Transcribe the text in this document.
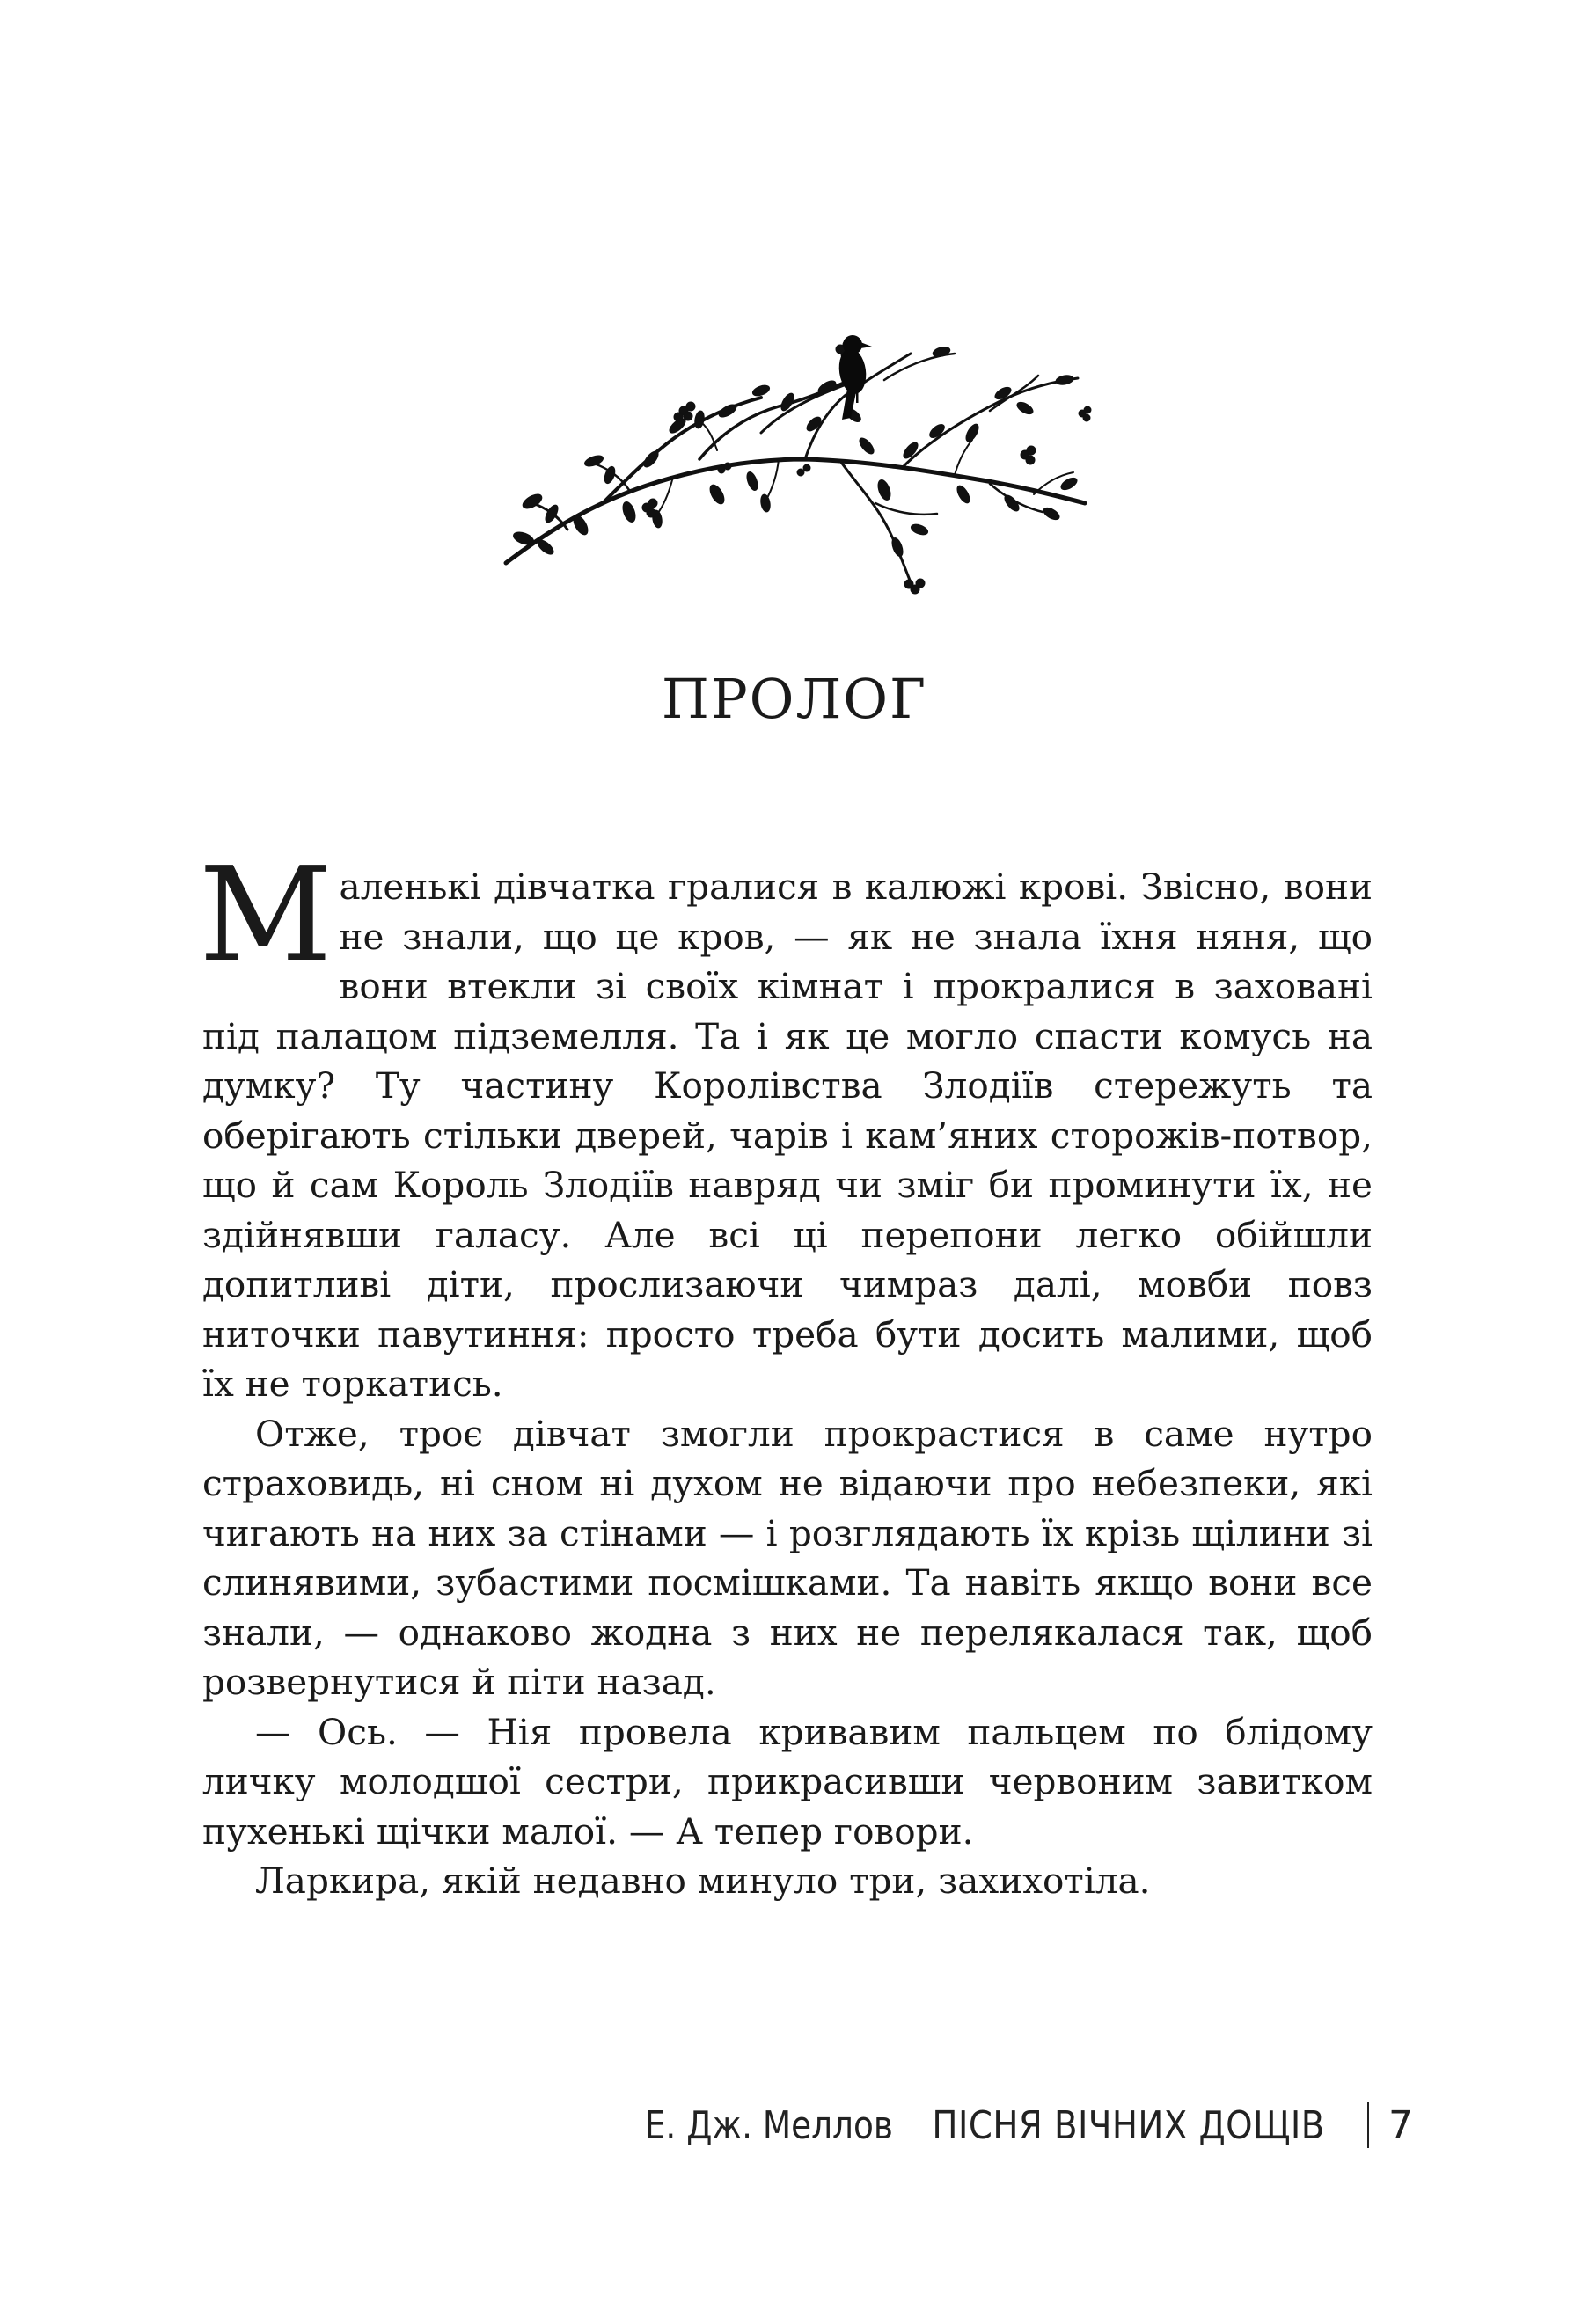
ПРОЛОГ

Маленькі дівчатка гралися в калюжі крові. Звісно, вони не знали, що це кров, — як не знала їхня няня, що вони втекли зі своїх кімнат і прокралися в заховані під палацом підземелля. Та і як це могло спасти комусь на думку? Ту частину Королівства Злодіїв стережуть та оберігають стільки дверей, чарів і кам’яних сторожів-потвор, що й сам Король Злодіїв навряд чи зміг би проминути їх, не здійнявши галасу. Але всі ці перепони легко обійшли допитливі діти, прослизаючи чимраз далі, мовби повз ниточки павутиння: просто треба бути досить малими, щоб їх не торкатись.

Отже, троє дівчат змогли прокрастися в саме нутро страховидь, ні сном ні духом не відаючи про небезпеки, які чигають на них за стінами — і розглядають їх крізь щілини зі слинявими, зубастими посмішками. Та навіть якщо вони все знали, — однаково жодна з них не перелякалася так, щоб розвернутися й піти назад.

— Ось. — Нія провела кривавим пальцем по блідому личку молодшої сестри, прикрасивши червоним завитком пухенькі щічки малої. — А тепер говори.

Ларкира, якій недавно минуло три, захихотіла.

Е. Дж. Меллов ПІСНЯ ВІЧНИХ ДОЩІВ 7
